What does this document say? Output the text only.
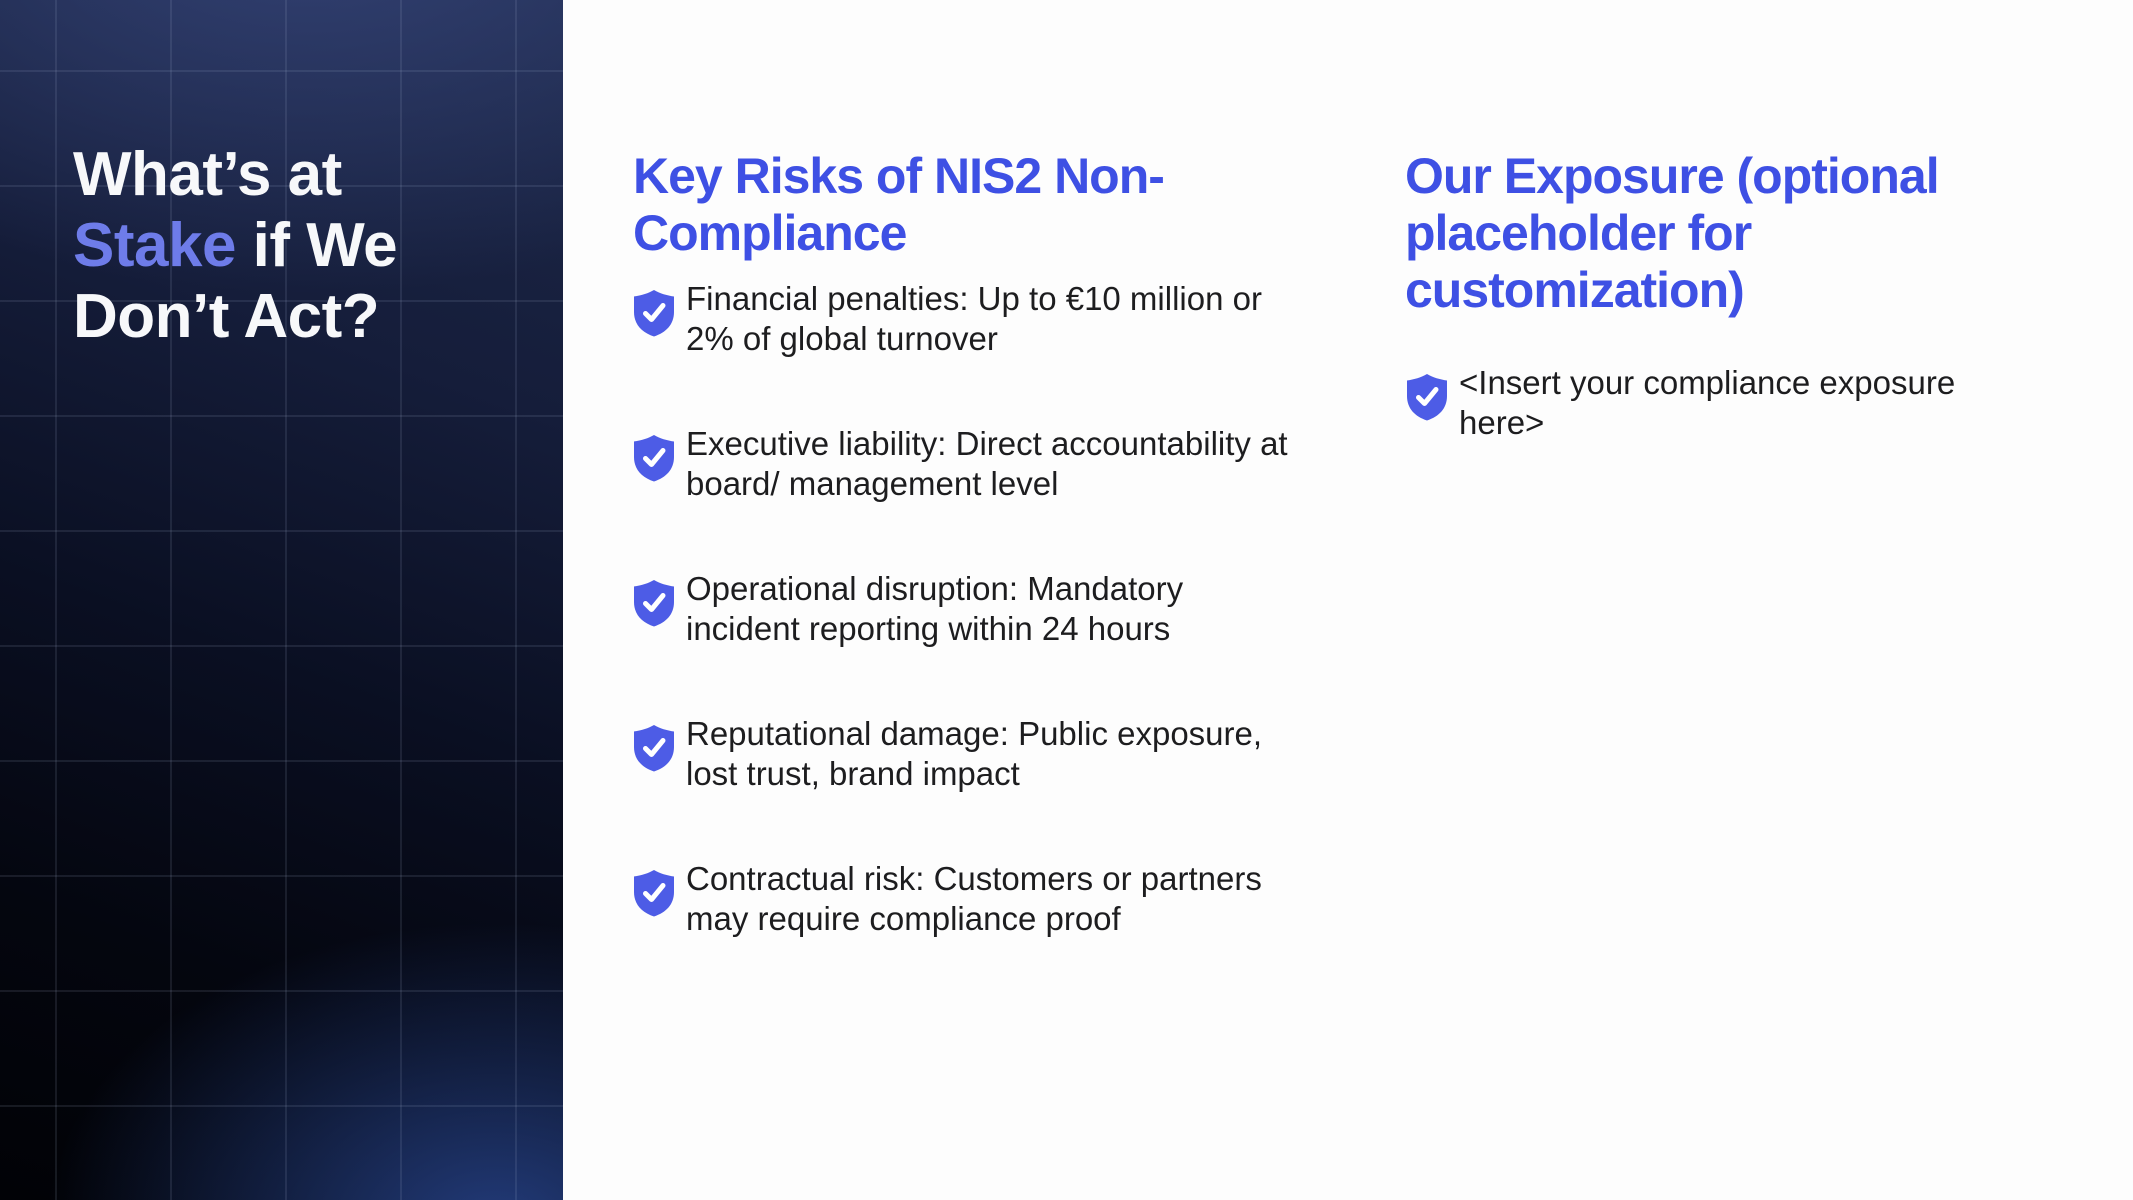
What’s at Stake if We Don’t Act?
Key Risks of NIS2 Non-Compliance
Financial penalties: Up to €10 million or
2% of global turnover
Executive liability: Direct accountability at
board/ management level
Operational disruption: Mandatory
incident reporting within 24 hours
Reputational damage: Public exposure,
lost trust, brand impact
Contractual risk: Customers or partners
may require compliance proof
Our Exposure (optional placeholder for customization)
<Insert your compliance exposure
here>
